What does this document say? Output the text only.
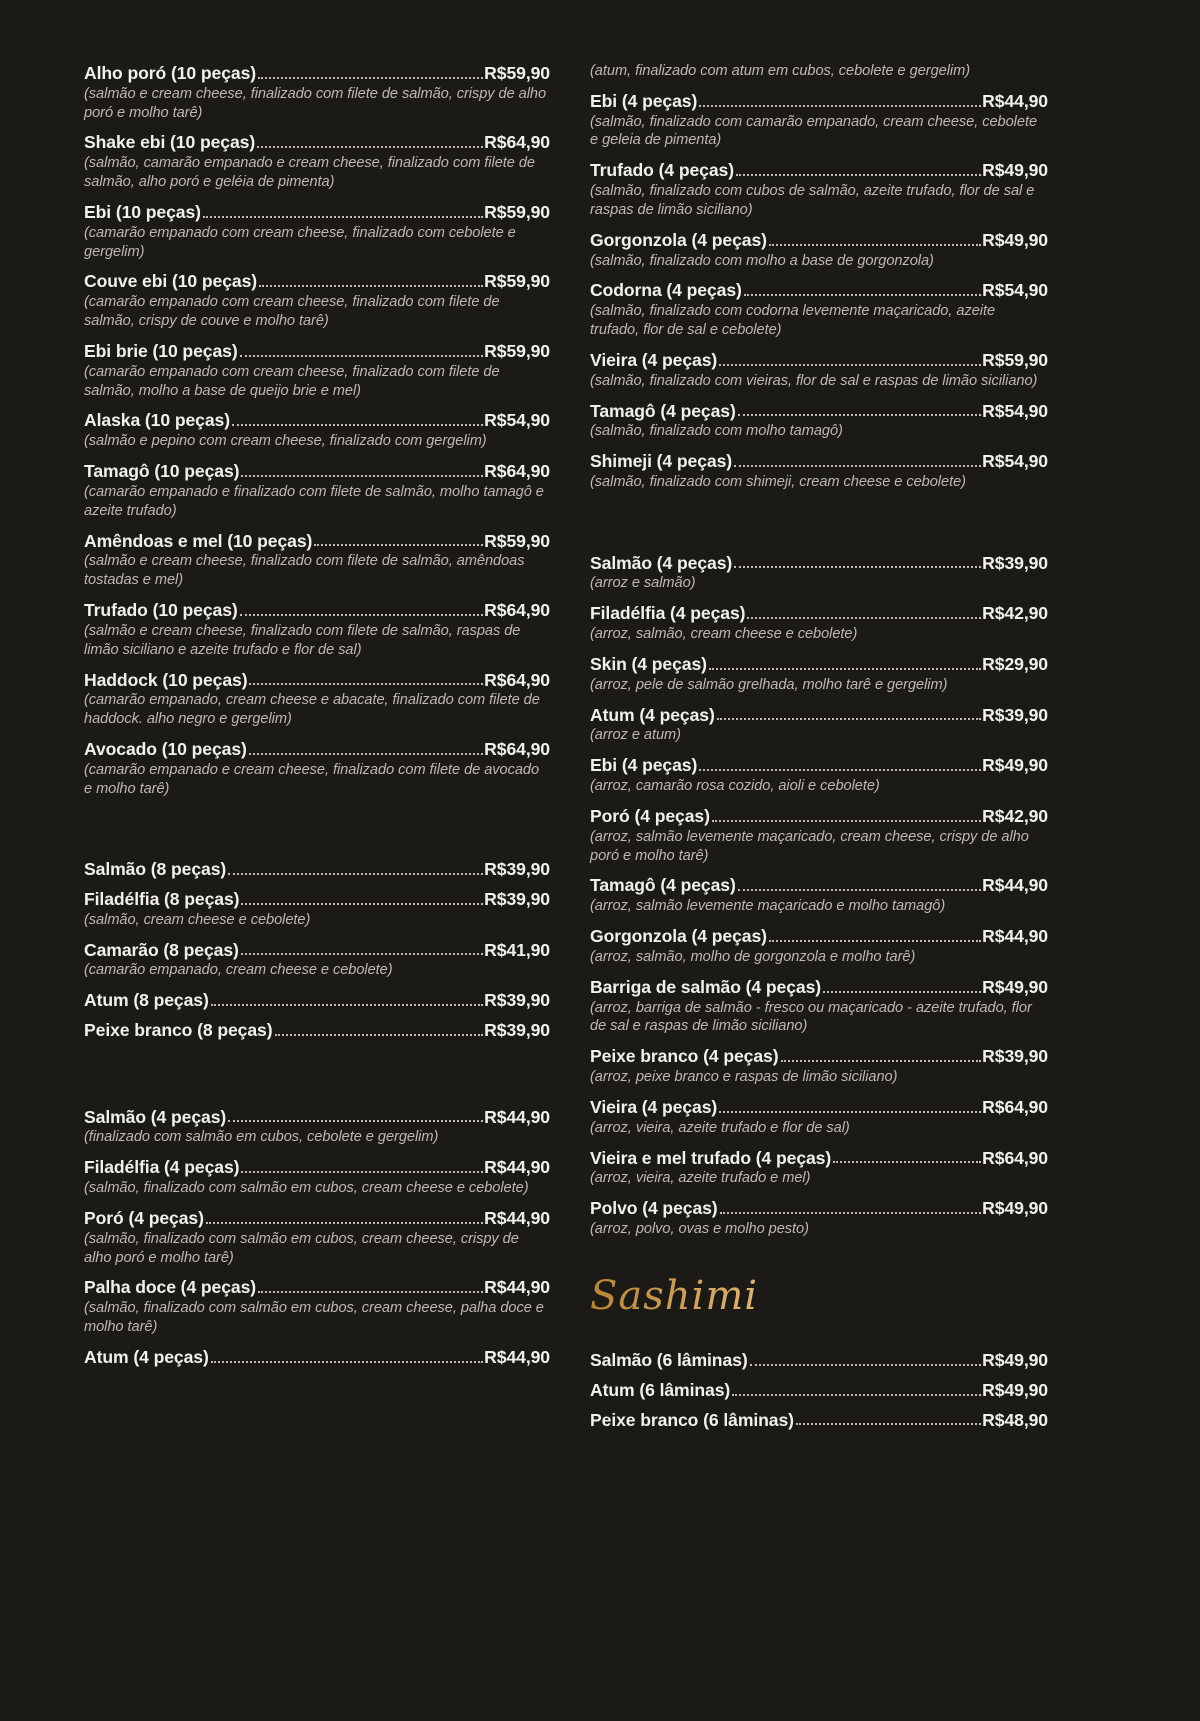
Alho poró (10 peças)	R$59,90
(salmão e cream cheese, finalizado com filete de salmão, crispy de alho poró e molho tarê)
Shake ebi (10 peças)	R$64,90
(salmão, camarão empanado e cream cheese, finalizado com filete de salmão, alho poró e geléia de pimenta)
Ebi (10 peças)	R$59,90
(camarão empanado com cream cheese, finalizado com cebolete e gergelim)
Couve ebi (10 peças)	R$59,90
(camarão empanado com cream cheese, finalizado com filete de salmão, crispy de couve e molho tarê)
Ebi brie (10 peças)	R$59,90
(camarão empanado com cream cheese, finalizado com filete de salmão, molho a base de queijo brie e mel)
Alaska (10 peças)	R$54,90
(salmão e pepino com cream cheese, finalizado com gergelim)
Tamagô (10 peças)	R$64,90
(camarão empanado e finalizado com filete de salmão, molho tamagô e azeite trufado)
Amêndoas e mel (10 peças)	R$59,90
(salmão e cream cheese, finalizado com filete de salmão, amêndoas tostadas e mel)
Trufado (10 peças)	R$64,90
(salmão e cream cheese, finalizado com filete de salmão, raspas de limão siciliano e azeite trufado e flor de sal)
Haddock (10 peças)	R$64,90
(camarão empanado, cream cheese e abacate, finalizado com filete de haddock. alho negro e gergelim)
Avocado (10 peças)	R$64,90
(camarão empanado e cream cheese, finalizado com filete de avocado e molho tarê)
HOSSOMAKI
Salmão (8 peças)	R$39,90
Filadélfia (8 peças)	R$39,90
(salmão, cream cheese e cebolete)
Camarão (8 peças)	R$41,90
(camarão empanado, cream cheese e cebolete)
Atum (8 peças)	R$39,90
Peixe branco (8 peças)	R$39,90
GUNKAN
Salmão (4 peças)	R$44,90
(finalizado com salmão em cubos, cebolete e gergelim)
Filadélfia (4 peças)	R$44,90
(salmão, finalizado com salmão em cubos, cream cheese e cebolete)
Poró (4 peças)	R$44,90
(salmão, finalizado com salmão em cubos, cream cheese, crispy de alho poró e molho tarê)
Palha doce (4 peças)	R$44,90
(salmão, finalizado com salmão em cubos, cream cheese, palha doce e molho tarê)
Atum (4 peças)	R$44,90
(atum, finalizado com atum em cubos, cebolete e gergelim)
Ebi (4 peças)	R$44,90
(salmão, finalizado com camarão empanado, cream cheese, cebolete e geleia de pimenta)
Trufado (4 peças)	R$49,90
(salmão, finalizado com cubos de salmão, azeite trufado, flor de sal e raspas de limão siciliano)
Gorgonzola (4 peças)	R$49,90
(salmão, finalizado com molho a base de gorgonzola)
Codorna (4 peças)	R$54,90
(salmão, finalizado com codorna levemente maçaricado, azeite trufado, flor de sal e cebolete)
Vieira (4 peças)	R$59,90
(salmão, finalizado com vieiras, flor de sal e raspas de limão siciliano)
Tamagô (4 peças)	R$54,90
(salmão, finalizado com molho tamagô)
Shimeji (4 peças)	R$54,90
(salmão, finalizado com shimeji, cream cheese e cebolete)
NIGIRI
Salmão (4 peças)	R$39,90
(arroz e salmão)
Filadélfia (4 peças)	R$42,90
(arroz, salmão, cream cheese e cebolete)
Skin (4 peças)	R$29,90
(arroz, pele de salmão grelhada, molho tarê e gergelim)
Atum (4 peças)	R$39,90
(arroz e atum)
Ebi (4 peças)	R$49,90
(arroz, camarão rosa cozido, aioli e cebolete)
Poró (4 peças)	R$42,90
(arroz, salmão levemente maçaricado, cream cheese, crispy de alho poró e molho tarê)
Tamagô (4 peças)	R$44,90
(arroz, salmão levemente maçaricado e molho tamagô)
Gorgonzola (4 peças)	R$44,90
(arroz, salmão, molho de gorgonzola e molho tarê)
Barriga de salmão (4 peças)	R$49,90
(arroz, barriga de salmão - fresco ou maçaricado - azeite trufado, flor de sal e raspas de limão siciliano)
Peixe branco (4 peças)	R$39,90
(arroz, peixe branco e raspas de limão siciliano)
Vieira (4 peças)	R$64,90
(arroz, vieira, azeite trufado e flor de sal)
Vieira e mel trufado (4 peças)	R$64,90
(arroz, vieira, azeite trufado e mel)
Polvo (4 peças)	R$49,90
(arroz, polvo, ovas e molho pesto)
Sashimi
Salmão (6 lâminas)	R$49,90
Atum (6 lâminas)	R$49,90
Peixe branco (6 lâminas)	R$48,90
